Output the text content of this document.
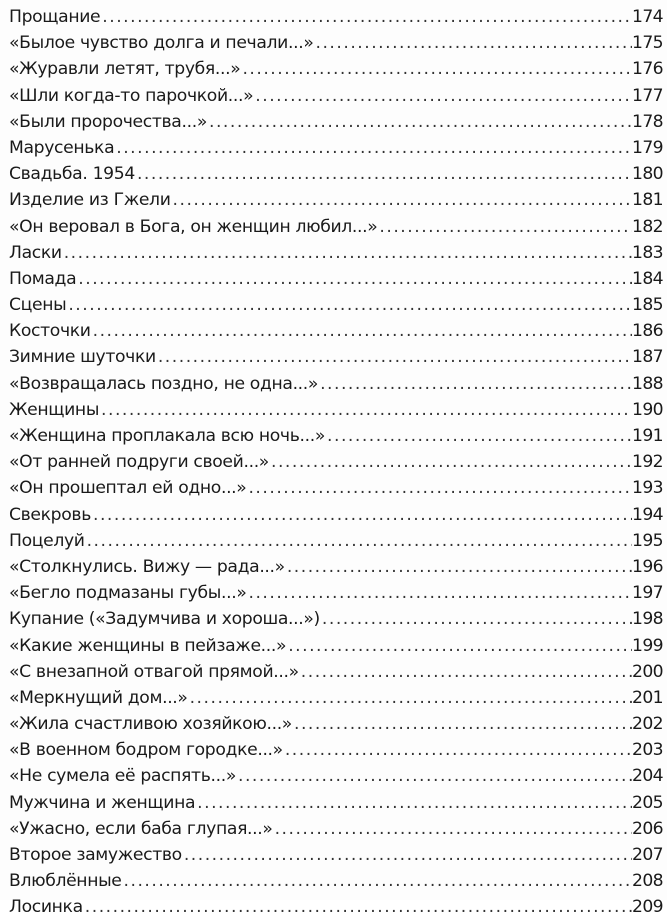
Прощание .....	174
«Былое чувство долга и печали...» .....	175
«Журавли летят, трубя...» .....	176
«Шли когда-то парочкой...» .....	177
«Были пророчества...» .....	178
Марусенька .....	179
Свадьба. 1954 .....	180
Изделие из Гжели .....	181
«Он веровал в Бога, он женщин любил...» .....	182
Ласки .....	183
Помада .....	184
Сцены .....	185
Косточки .....	186
Зимние шуточки .....	187
«Возвращалась поздно, не одна...» .....	188
Женщины .....	190
«Женщина проплакала всю ночь...» .....	191
«От ранней подруги своей...» .....	192
«Он прошептал ей одно...» .....	193
Свекровь .....	194
Поцелуй .....	195
«Столкнулись. Вижу — рада...» .....	196
«Бегло подмазаны губы...» .....	197
Купание («Задумчива и хороша...») .....	198
«Какие женщины в пейзаже...» .....	199
«С внезапной отвагой прямой...» .....	200
«Меркнущий дом...» .....	201
«Жила счастливою хозяйкою...» .....	202
«В военном бодром городке...» .....	203
«Не сумела её распять...» .....	204
Мужчина и женщина .....	205
«Ужасно, если баба глупая...» .....	206
Второе замужество .....	207
Влюблённые .....	208
Лосинка .....	209
